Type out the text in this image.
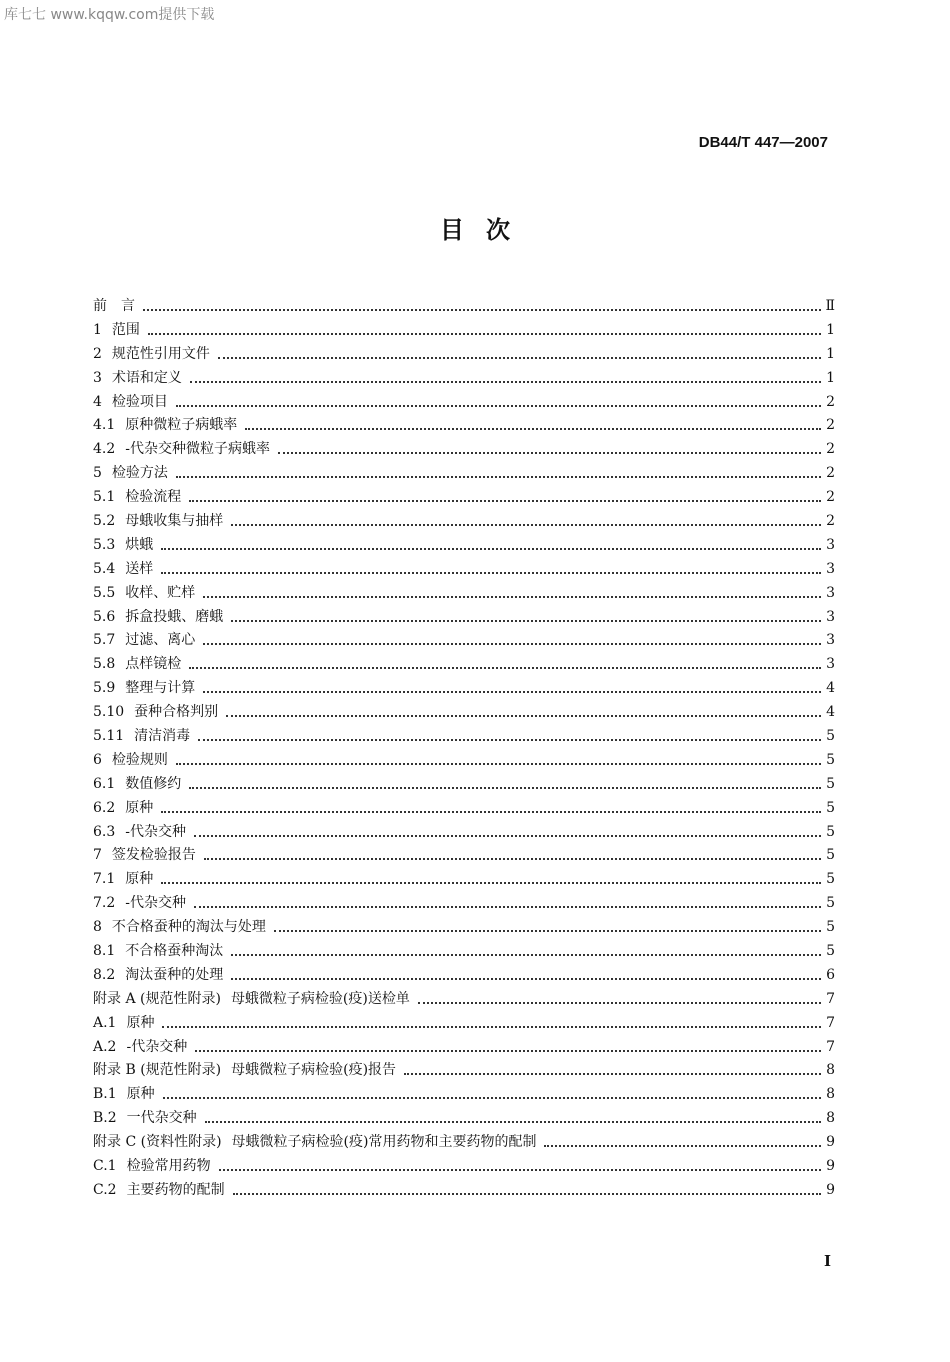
库七七 www.kqqw.com提供下载
DB44/T 447—2007
目次
前　言	Ⅱ
1 范围	1
2 规范性引用文件	1
3 术语和定义	1
4 检验项目	2
4.1 原种微粒子病蛾率	2
4.2 -代杂交种微粒子病蛾率	2
5 检验方法	2
5.1 检验流程	2
5.2 母蛾收集与抽样	2
5.3 烘蛾	3
5.4 送样	3
5.5 收样、贮样	3
5.6 拆盒投蛾、磨蛾	3
5.7 过滤、离心	3
5.8 点样镜检	3
5.9 整理与计算	4
5.10 蚕种合格判别	4
5.11 清洁消毒	5
6 检验规则	5
6.1 数值修约	5
6.2 原种	5
6.3 -代杂交种	5
7 签发检验报告	5
7.1 原种	5
7.2 -代杂交种	5
8 不合格蚕种的淘汰与处理	5
8.1 不合格蚕种淘汰	5
8.2 淘汰蚕种的处理	6
附录 A (规范性附录) 母蛾微粒子病检验(疫)送检单	7
A.1 原种	7
A.2 -代杂交种	7
附录 B (规范性附录) 母蛾微粒子病检验(疫)报告	8
B.1 原种	8
B.2 一代杂交种	8
附录 C (资料性附录) 母蛾微粒子病检验(疫)常用药物和主要药物的配制	9
C.1 检验常用药物	9
C.2 主要药物的配制	9
I
